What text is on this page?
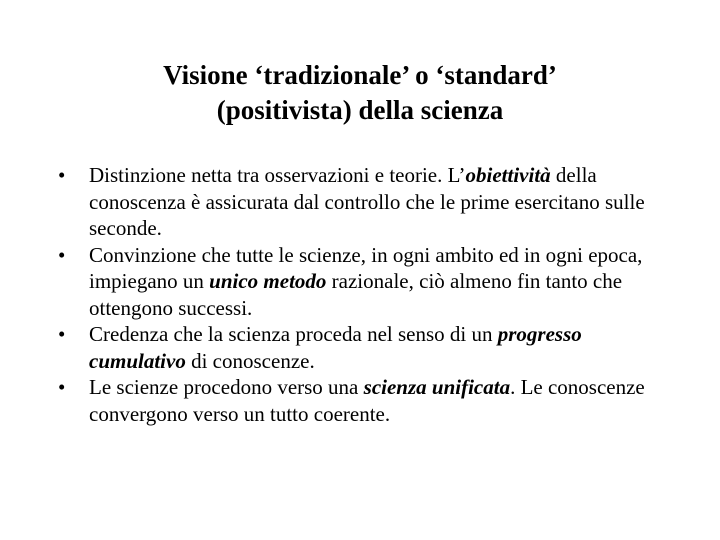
Visione ‘tradizionale’ o ‘standard’
(positivista) della scienza
• Distinzione netta tra osservazioni e teorie. L’obiettività della conoscenza è assicurata dal controllo che le prime esercitano sulle seconde.
• Convinzione che tutte le scienze, in ogni ambito ed in ogni epoca, impiegano un unico metodo razionale, ciò almeno fin tanto che ottengono successi.
• Credenza che la scienza proceda nel senso di un progresso cumulativo di conoscenze.
• Le scienze procedono verso una scienza unificata. Le conoscenze convergono verso un tutto coerente.
